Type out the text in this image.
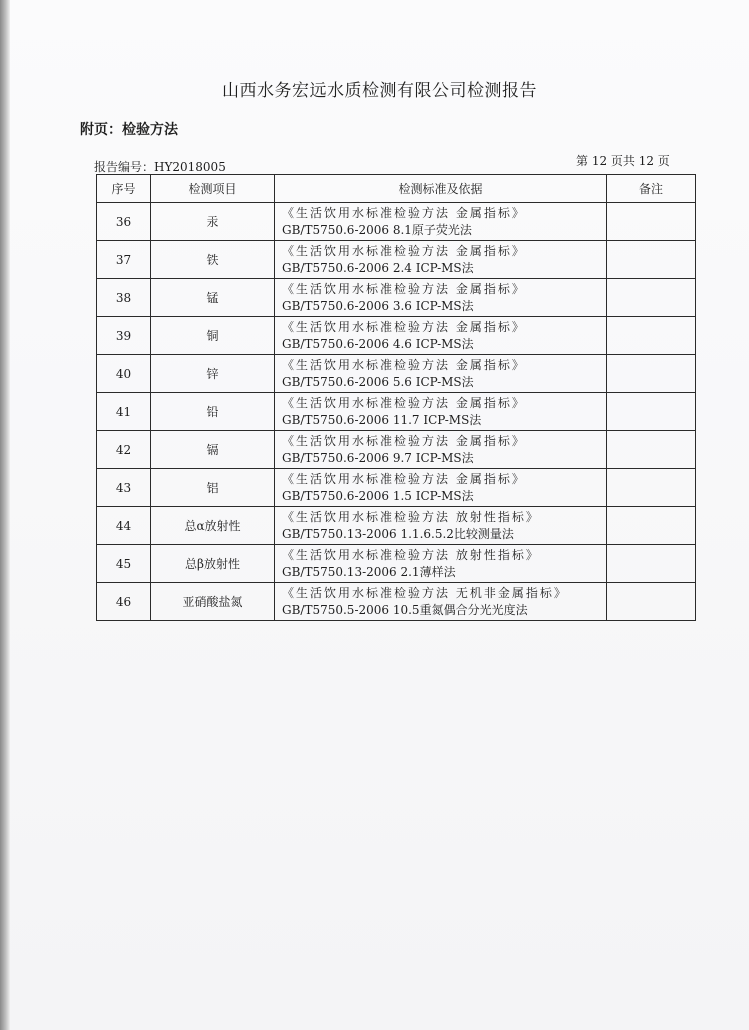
山西水务宏远水质检测有限公司检测报告
附页：检验方法
报告编号：HY2018005	第 12 页共 12 页
序号	检测项目	检测标准及依据	备注
36	汞	《生活饮用水标准检验方法 金属指标》
GB/T5750.6-2006 8.1原子荧光法	

37	铁	《生活饮用水标准检验方法 金属指标》
GB/T5750.6-2006 2.4 ICP-MS法	

38	锰	《生活饮用水标准检验方法 金属指标》
GB/T5750.6-2006 3.6 ICP-MS法	

39	铜	《生活饮用水标准检验方法 金属指标》
GB/T5750.6-2006 4.6 ICP-MS法	

40	锌	《生活饮用水标准检验方法 金属指标》
GB/T5750.6-2006 5.6 ICP-MS法	

41	铅	《生活饮用水标准检验方法 金属指标》
GB/T5750.6-2006 11.7 ICP-MS法	

42	镉	《生活饮用水标准检验方法 金属指标》
GB/T5750.6-2006 9.7 ICP-MS法	

43	铝	《生活饮用水标准检验方法 金属指标》
GB/T5750.6-2006 1.5 ICP-MS法	

44	总α放射性	《生活饮用水标准检验方法 放射性指标》
GB/T5750.13-2006 1.1.6.5.2比较测量法	

45	总β放射性	《生活饮用水标准检验方法 放射性指标》
GB/T5750.13-2006 2.1薄样法	

46	亚硝酸盐氮	《生活饮用水标准检验方法 无机非金属指标》
GB/T5750.5-2006 10.5重氮偶合分光光度法	
